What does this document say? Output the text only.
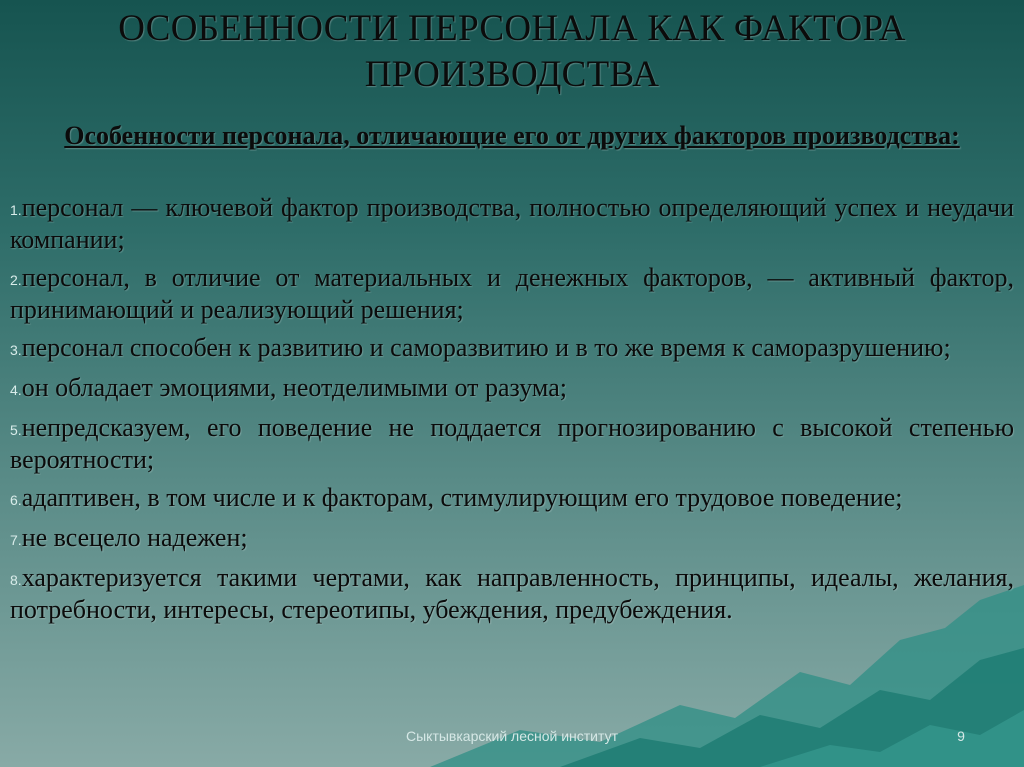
ОСОБЕННОСТИ ПЕРСОНАЛА КАК ФАКТОРА ПРОИЗВОДСТВА
Особенности персонала, отличающие его от других факторов производства:
1.персонал — ключевой фактор производства, полностью определяющий успех и неудачи компании;
2.персонал, в отличие от материальных и денежных факторов, — активный фактор, принимающий и реализующий решения;
3.персонал способен к развитию и саморазвитию и в то же время к саморазрушению;
4.он обладает эмоциями, неотделимыми от разума;
5.непредсказуем, его поведение не поддается прогнозированию с высокой степенью вероятности;
6.адаптивен, в том числе и к факторам, стимулирующим его трудовое поведение;
7.не всецело надежен;
8.характеризуется такими чертами, как направленность, принципы, идеалы, желания, потребности, интересы, стереотипы, убеждения, предубеждения.
Сыктывкарский лесной институт	9
